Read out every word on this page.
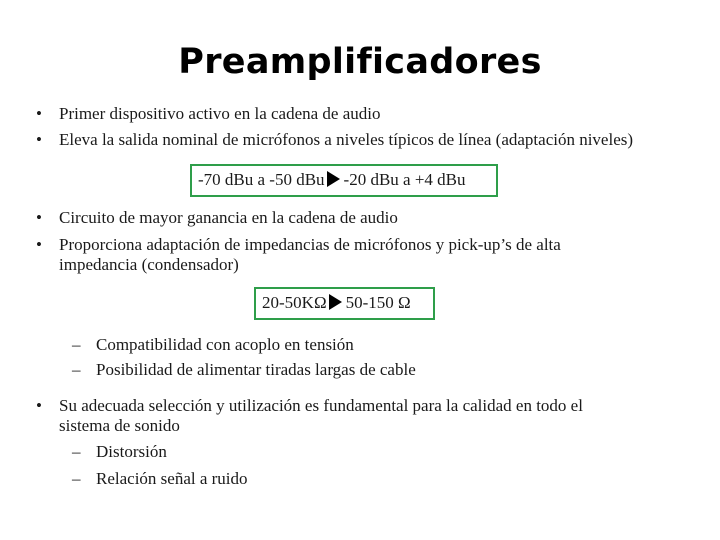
Preamplificadores
• Primer dispositivo activo en la cadena de audio
• Eleva la salida nominal de micrófonos a niveles típicos de línea (adaptación niveles)
-70 dBu a -50 dBu -20 dBu a +4 dBu
• Circuito de mayor ganancia en la cadena de audio
• Proporciona adaptación de impedancias de micrófonos y pick-up’s de alta
impedancia (condensador)
20-50KΩ 50-150 Ω
– Compatibilidad con acoplo en tensión
– Posibilidad de alimentar tiradas largas de cable
• Su adecuada selección y utilización es fundamental para la calidad en todo el
sistema de sonido
– Distorsión
– Relación señal a ruido
